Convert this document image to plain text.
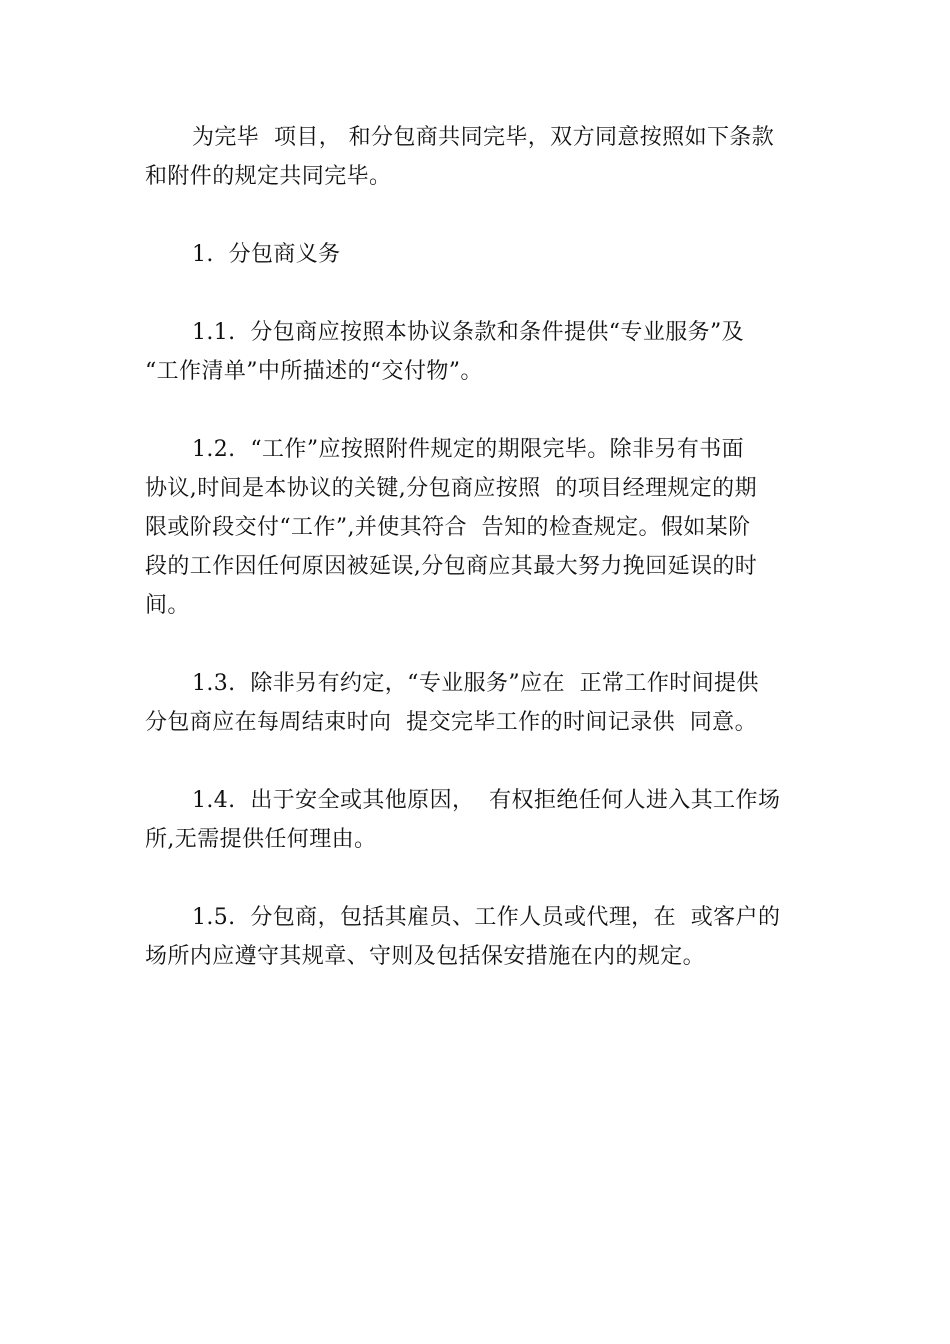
为完毕  项目， 和分包商共同完毕，双方同意按照如下条款
和附件的规定共同完毕。
1.  分包商义务
1.1.  分包商应按照本协议条款和条件提供“专业服务”及
“工作清单”中所描述的“交付物”。
1.2.  “工作”应按照附件规定的期限完毕。除非另有书面
协议,时间是本协议的关键,分包商应按照  的项目经理规定的期
限或阶段交付“工作”,并使其符合  告知的检查规定。假如某阶
段的工作因任何原因被延误,分包商应其最大努力挽回延误的时
间。
1.3.  除非另有约定，“专业服务”应在  正常工作时间提供
分包商应在每周结束时向  提交完毕工作的时间记录供  同意。
1.4.  出于安全或其他原因，  有权拒绝任何人进入其工作场
所,无需提供任何理由。
1.5.  分包商，包括其雇员、工作人员或代理，在  或客户的
场所内应遵守其规章、守则及包括保安措施在内的规定。
